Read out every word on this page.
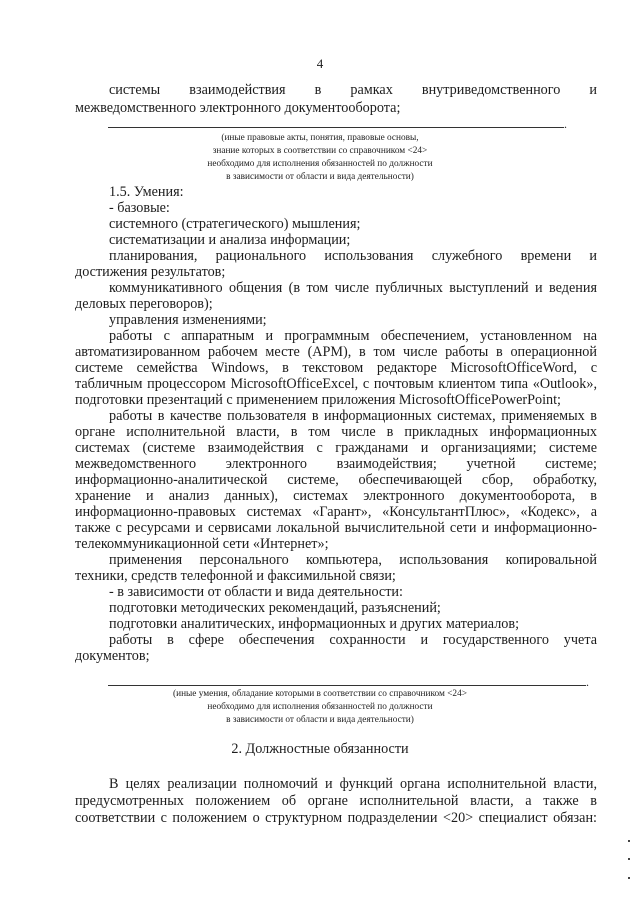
4
системы взаимодействия в рамках внутриведомственного и
межведомственного электронного документооборота;
.
(иные правовые акты, понятия, правовые основы,
знание которых в соответствии со справочником <24>
необходимо для исполнения обязанностей по должности
в зависимости от области и вида деятельности)
1.5. Умения:
- базовые:
системного (стратегического) мышления;
систематизации и анализа информации;
планирования, рационального использования служебного времени и
достижения результатов;
коммуникативного общения (в том числе публичных выступлений и ведения
деловых переговоров);
управления изменениями;
работы с аппаратным и программным обеспечением, установленном на
автоматизированном рабочем месте (АРМ), в том числе работы в операционной
системе семейства Windows, в текстовом редакторе MicrosoftOfficeWord, с
табличным процессором MicrosoftOfficeExcel, с почтовым клиентом типа «Outlook»,
подготовки презентаций с применением приложения MicrosoftOfficePowerPoint;
работы в качестве пользователя в информационных системах, применяемых в
органе исполнительной власти, в том числе в прикладных информационных
системах (системе взаимодействия с гражданами и организациями; системе
межведомственного электронного взаимодействия; учетной системе;
информационно-аналитической системе, обеспечивающей сбор, обработку,
хранение и анализ данных), системах электронного документооборота, в
информационно-правовых системах «Гарант», «КонсультантПлюс», «Кодекс», а
также с ресурсами и сервисами локальной вычислительной сети и информационно-
телекоммуникационной сети «Интернет»;
применения персонального компьютера, использования копировальной
техники, средств телефонной и факсимильной связи;
- в зависимости от области и вида деятельности:
подготовки методических рекомендаций, разъяснений;
подготовки аналитических, информационных и других материалов;
работы в сфере обеспечения сохранности и государственного учета
документов;
.
(иные умения, обладание которыми в соответствии со справочником <24>
необходимо для исполнения обязанностей по должности
в зависимости от области и вида деятельности)
2. Должностные обязанности
В целях реализации полномочий и функций органа исполнительной власти,
предусмотренных положением об органе исполнительной власти, а также в
соответствии с положением о структурном подразделении <20> специалист обязан:
